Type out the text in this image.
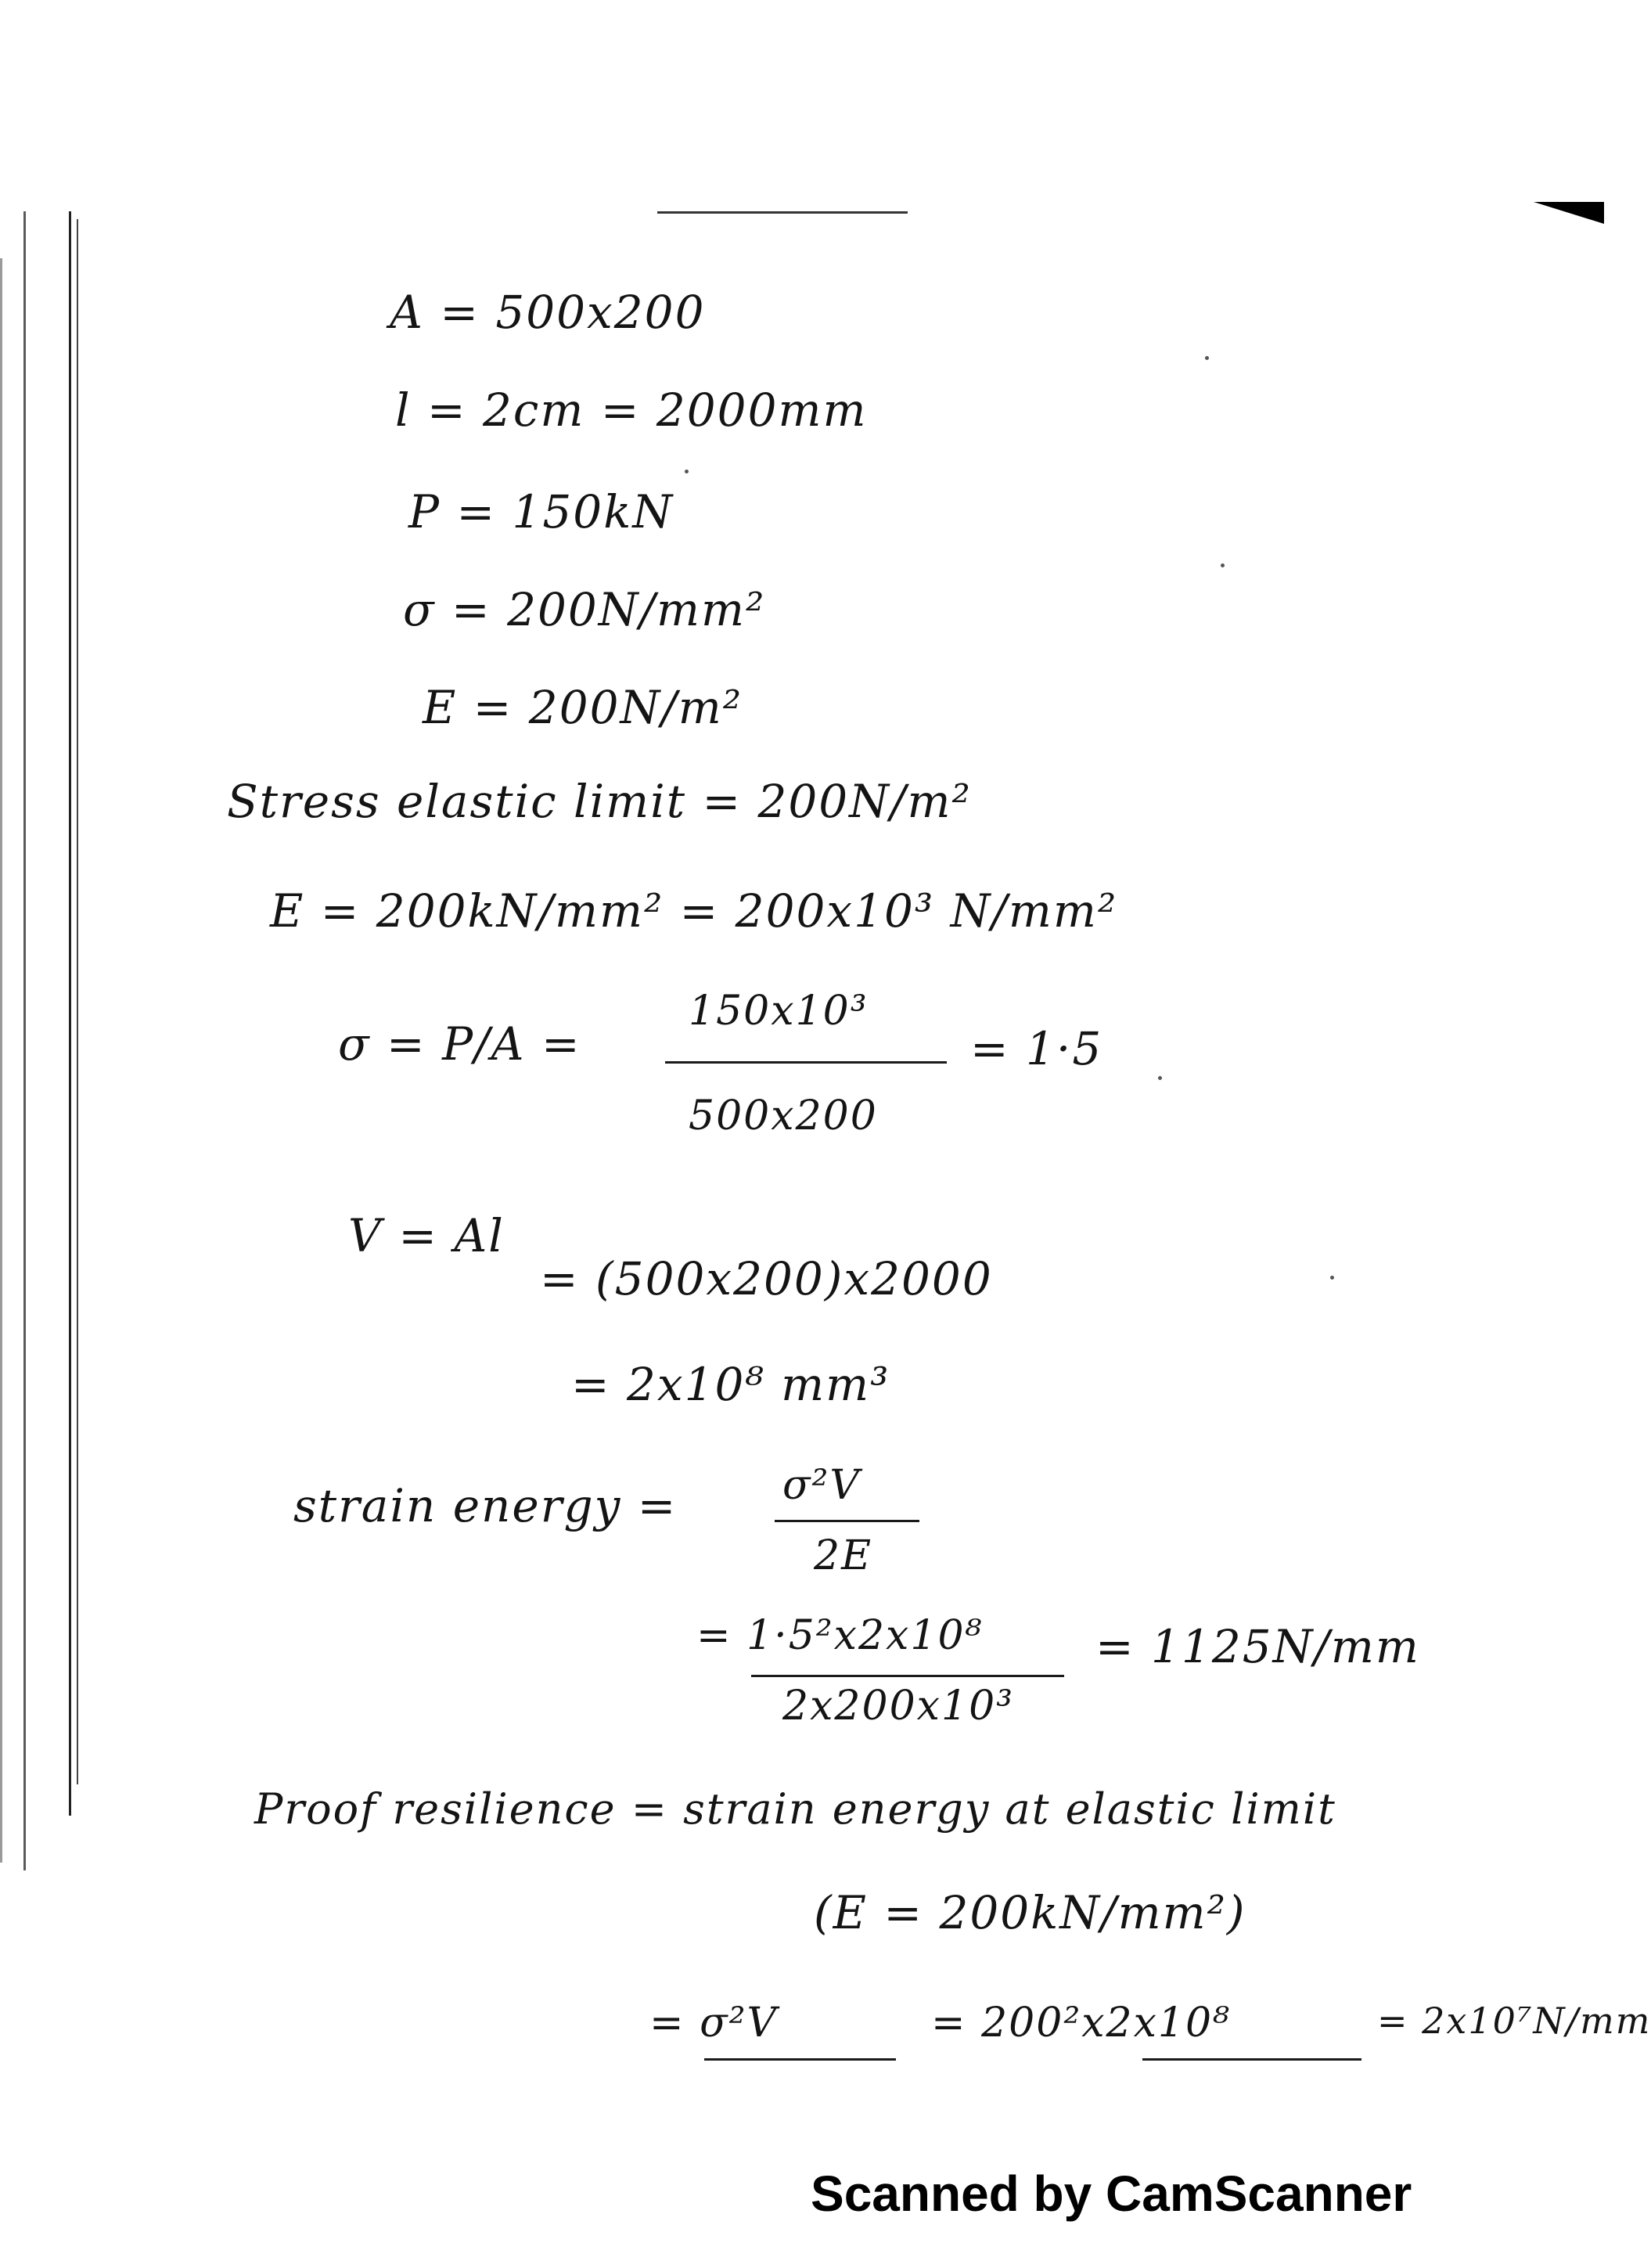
A = 500x200
l = 2cm = 2000mm
P = 150kN
σ = 200N/mm²
E = 200N/m²
Stress elastic limit = 200N/m²
E = 200kN/mm² = 200x10³ N/mm²
σ = P/A =
150x10³
500x200
= 1·5
V = Al
= (500x200)x2000
= 2x10⁸ mm³
strain energy =	σ²V
2E
= 1·5²x2x10⁸
2x200x10³
= 1125N/mm
Proof resilience = strain energy at elastic limit
(E = 200kN/mm²)
= σ²V	= 200²x2x10⁸	= 2x10⁷N/mm
Scanned by CamScanner
